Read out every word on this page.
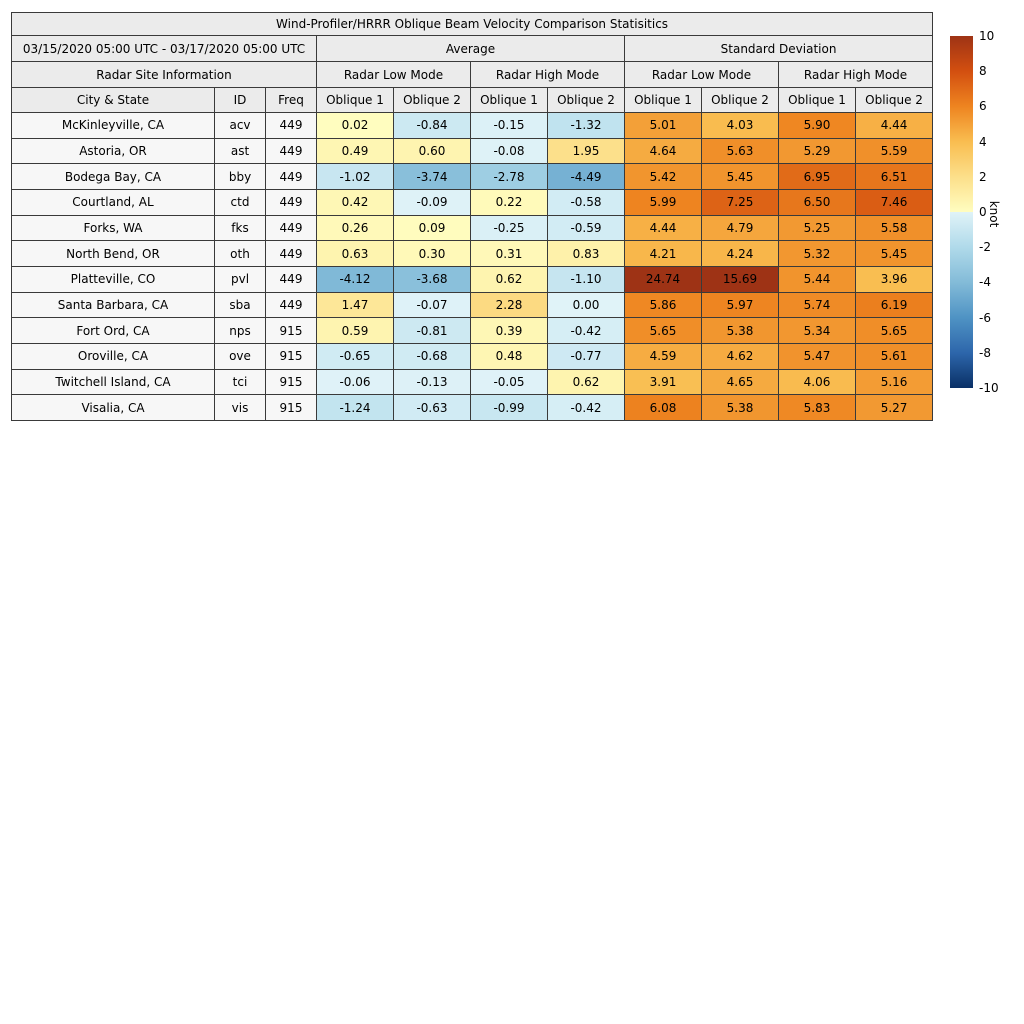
Wind-Profiler/HRRR Oblique Beam Velocity Comparison Statisitics										
03/15/2020 05:00 UTC - 03/17/2020 05:00 UTC			Average				Standard Deviation			
Radar Site Information			Radar Low Mode		Radar High Mode		Radar Low Mode		Radar High Mode	
City & State	ID	Freq	Oblique 1	Oblique 2	Oblique 1	Oblique 2	Oblique 1	Oblique 2	Oblique 1	Oblique 2
McKinleyville, CA	acv	449	0.02	-0.84	-0.15	-1.32	5.01	4.03	5.90	4.44
Astoria, OR	ast	449	0.49	0.60	-0.08	1.95	4.64	5.63	5.29	5.59
Bodega Bay, CA	bby	449	-1.02	-3.74	-2.78	-4.49	5.42	5.45	6.95	6.51
Courtland, AL	ctd	449	0.42	-0.09	0.22	-0.58	5.99	7.25	6.50	7.46
Forks, WA	fks	449	0.26	0.09	-0.25	-0.59	4.44	4.79	5.25	5.58
North Bend, OR	oth	449	0.63	0.30	0.31	0.83	4.21	4.24	5.32	5.45
Platteville, CO	pvl	449	-4.12	-3.68	0.62	-1.10	24.74	15.69	5.44	3.96
Santa Barbara, CA	sba	449	1.47	-0.07	2.28	0.00	5.86	5.97	5.74	6.19
Fort Ord, CA	nps	915	0.59	-0.81	0.39	-0.42	5.65	5.38	5.34	5.65
Oroville, CA	ove	915	-0.65	-0.68	0.48	-0.77	4.59	4.62	5.47	5.61
Twitchell Island, CA	tci	915	-0.06	-0.13	-0.05	0.62	3.91	4.65	4.06	5.16
Visalia, CA	vis	915	-1.24	-0.63	-0.99	-0.42	6.08	5.38	5.83	5.27
10
8
6
4
2
0
-2
-4
-6
-8
-10
knot
